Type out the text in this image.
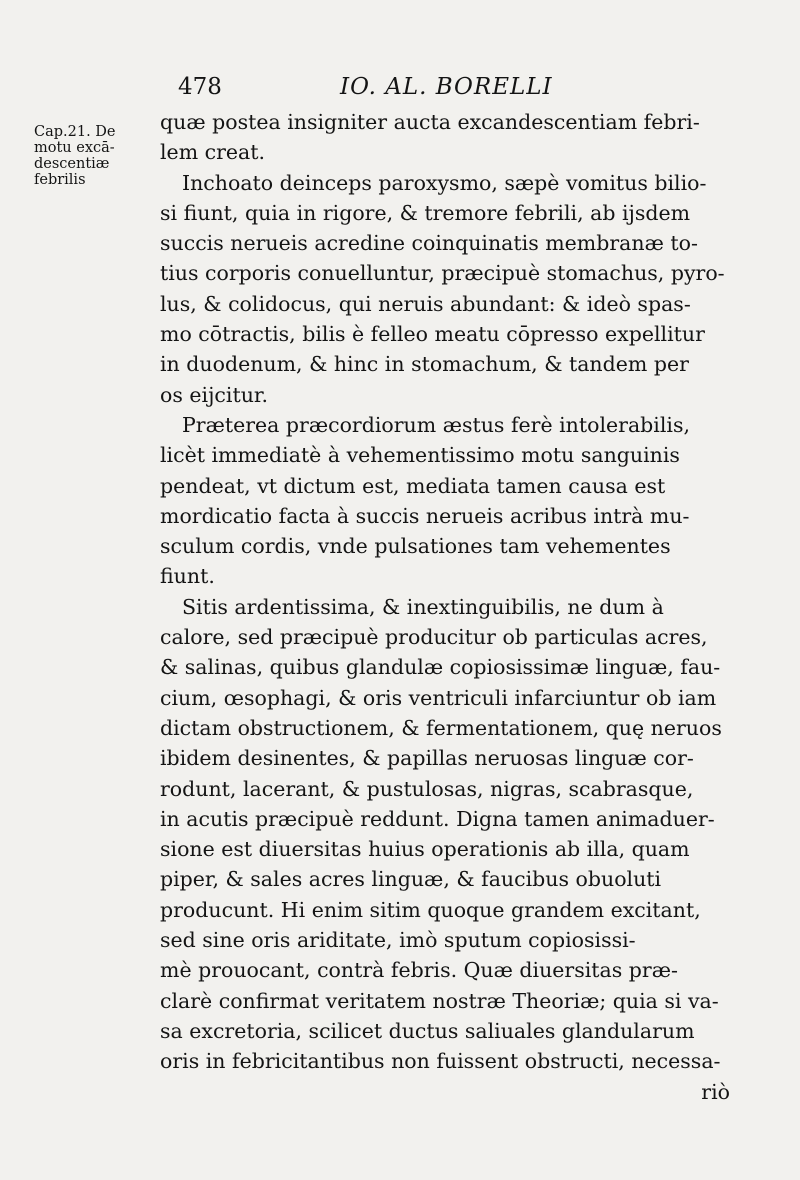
478	IO. AL. BORELLI
Cap.21. De
motu excā-
descentiæ
febrilis
quæ postea insigniter aucta excandescentiam febri-
lem creat.
Inchoato deinceps paroxysmo, sæpè vomitus bilio-
si fiunt, quia in rigore, & tremore febrili, ab ijsdem
succis nerueis acredine coinquinatis membranæ to-
tius corporis conuelluntur, præcipuè stomachus, pyro-
lus, & colidocus, qui neruis abundant: & ideò spas-
mo cōtractis, bilis è felleo meatu cōpresso expellitur
in duodenum, & hinc in stomachum, & tandem per
os eijcitur.
Præterea præcordiorum æstus ferè intolerabilis,
licèt immediatè à vehementissimo motu sanguinis
pendeat, vt dictum est, mediata tamen causa est
mordicatio facta à succis nerueis acribus intrà mu-
sculum cordis, vnde pulsationes tam vehementes
fiunt.
Sitis ardentissima, & inextinguibilis, ne dum à
calore, sed præcipuè producitur ob particulas acres,
& salinas, quibus glandulæ copiosissimæ linguæ, fau-
cium, œsophagi, & oris ventriculi infarciuntur ob iam
dictam obstructionem, & fermentationem, quę neruos
ibidem desinentes, & papillas neruosas linguæ cor-
rodunt, lacerant, & pustulosas, nigras, scabrasque,
in acutis præcipuè reddunt. Digna tamen animaduer-
sione est diuersitas huius operationis ab illa, quam
piper, & sales acres linguæ, & faucibus obuoluti
producunt. Hi enim sitim quoque grandem excitant,
sed sine oris ariditate, imò sputum copiosissi-
mè prouocant, contrà febris. Quæ diuersitas præ-
clarè confirmat veritatem nostræ Theoriæ; quia si va-
sa excretoria, scilicet ductus saliuales glandularum
oris in febricitantibus non fuissent obstructi, necessa-
riò
